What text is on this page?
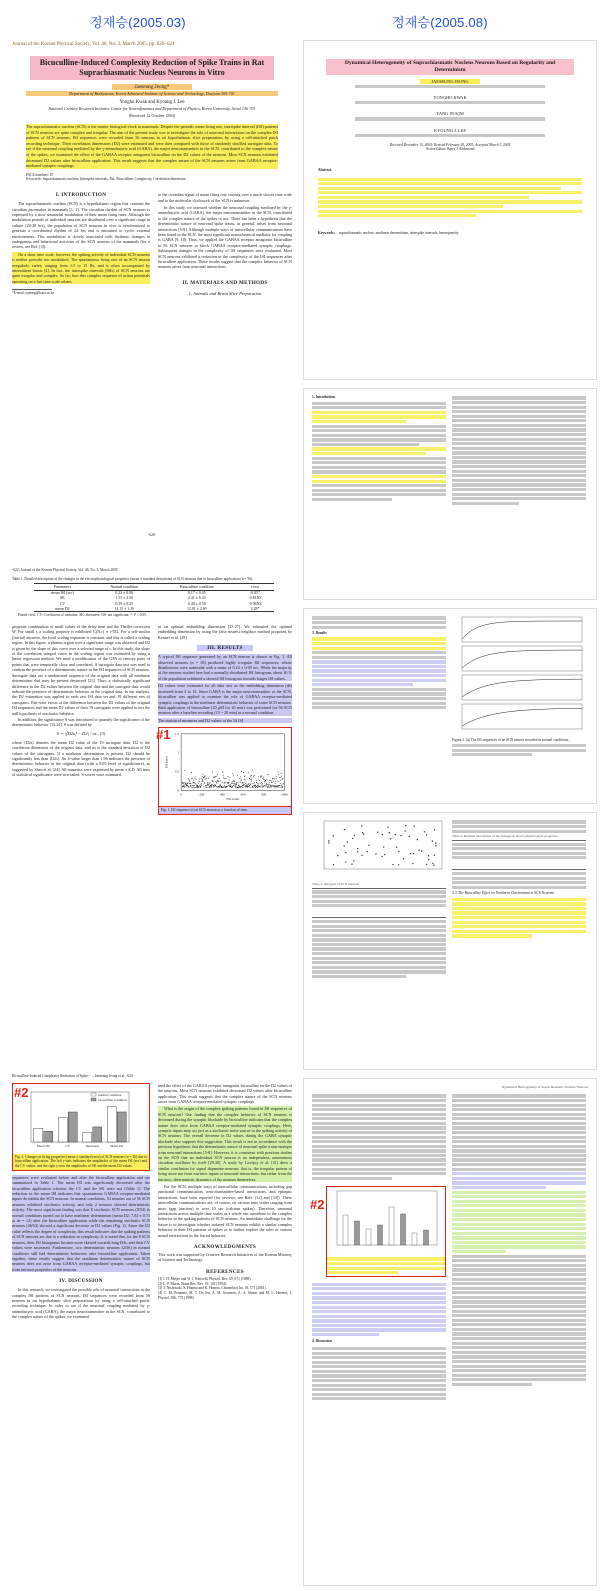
정재승(2005.03)	정재승(2005.08)
Journal of the Korean Physical Society, Vol. 46, No. 3, March 2005, pp. 620~624
Bicuculline-Induced Complexity Reduction of Spike Trains in Rat Suprachiasmatic Nucleus Neurons in Vitro
Jaeseung Jeong*
Department of BioSystems, Korea Advanced Institute of Science and Technology, Daejeon 305-701
Yongho Kwak and Kyoung J. Lee
National Creative Research Initiative Center for Neurodynamics and Department of Physics, Korea University, Seoul 136-701
(Received 12 October 2004)
The suprachiasmatic nucleus (SCN) is the master biological clock in mammals. Despite the periodic mean firing rate, interspike interval (ISI) patterns of SCN neurons are quite complex and irregular. The aim of the present study was to investigate the role of neuronal interactions on the complex ISI patterns of SCN neurons. ISI sequences were recorded from 56 neurons in rat hypothalamic slice preparations by using a cell-attached patch recording technique. Their correlation dimensions (D2) were estimated and were then compared with those of randomly shuffled surrogate data. To see if the neuronal coupling mediated by the γ-aminobutyric acid (GABA), the major neurotransmitter in the SCN, contributed to the complex nature of the spikes, we examined the effect of the GABAA receptor antagonist bicuculline on the D2 values of the neurons. Most SCN neurons exhibited decreased D2 values after bicuculline application. This result suggests that the complex nature of the SCN neurons arises from GABAA receptor-mediated synaptic couplings.
PACS numbers: 87
Keywords: Suprachiasmatic nucleus, Interspike intervals, Rat, Bicuculline, Complexity, Correlation dimension
I. INTRODUCTION
The suprachiasmatic nucleus (SCN) is a hypothalamic region that contains the circadian pacemaker in mammals [1, 2]. The circadian rhythm of SCN neurons is expressed by a slow sinusoidal modulation of their mean firing rates. Although the modulation periods of individual neurons are distributed over a significant range in culture (20-28 hrs), the population of SCN neurons in vivo is synchronized to generate a coordinated rhythm of 24 hrs and is entrained to cyclic external environments. This modulation is closely associated with rhythmic changes in endogenous and behavioral activities of the SCN neurons of the mammals (for a review, see Ref. [3]).
On a short time scale, however, the spiking activity of individual SCN neurons is neither periodic nor modulated. The spontaneous firing rate of an SCN neuron irregularly varies, ranging from 1.5 to 15 Hz, and is often accompanied by intermittent bursts [4]. In fact, the interspike intervals (ISIs) of SCN neurons are quite irregular and complex. So far, how this complex sequence of action potentials operating on a fast time scale relates
*E-mail: jsjeong@kaist.ac.kr
to the circadian signal of mean firing rate varying over a much slower time scale and to the molecular clockwork of the SCN is unknown.
In this study, we assessed whether the neuronal coupling mediated by the γ-aminobutyric acid (GABA), the major neurotransmitter in the SCN, contributed to the complex nature of the spikes or not. There has been a hypothesis that the deterministic nature of neuronal spike trains, in general, arises from neuronal interactions [5-8]. Although multiple ways of intercellular communications have been found in the SCN, the most significant neurochemical mediator for coupling is GABA [9, 10]. Thus, we applied the GABAA receptor antagonist bicuculline to 56 SCN neurons to block GABAA receptor-mediated synaptic couplings. Subsequent changes in the complexity of ISI sequences were evaluated. Most SCN neurons exhibited a reduction in the complexity of the ISI sequences after bicuculline application. These results suggest that the complex behavior of SCN neurons arises from neuronal interactions.
II. MATERIALS AND METHODS
1. Animals and Brain Slice Preparation
-620-
-622- Journal of the Korean Physical Society, Vol. 46, No. 3, March 2005
Table 1. Detailed description of the changes in the electrophysiological properties (mean ± standard deviations) of SCN neurons due to bicuculline application (n = 56).
Parameters	Normal condition	Bicuculline condition	t-test
mean ISI (sec)	0.22 ± 0.06	0.17 ± 0.05	-0.85*
SK	1.53 ± 2.56	2.41 ± 6.43	-0.81NS
CV	0.39 ± 0.25	0.48 ± 0.50	-0.96NS
mean D2	14.15 ± 1.19	12.01 ± 2.69	2.28*
Paired t-test. CV: Coefficient of variation; SK: skewness; NS: not significant; *: P < 0.05.
propriate combination of small values of the delay time and the Theiler correction W. For small r, a scaling property is exhibited: C(N,r) ∝ r^D2. For a self-similar (fractal) attractor, the local scaling exponent is constant, and this is called a scaling region. In this figure, a plateau region over a significant range was observed and D2 is given by the slope of this curve over a selected range of r. In this study, the slope of the correlation integral curve in the scaling region was estimated by using a linear regression method. We used a modification of the GPA to remove pairs of points that were temporally close and correlated. A surrogate data test was used to confirm the presence of a deterministic nature in the ISI sequences of SCN neurons. Surrogate data are a randomized sequence of the original data with all nonlinear determinism that may be present destroyed [23]. Thus, a statistically significant difference in the D2 values between the original data and the surrogate data would indicate the presence of deterministic behavior in the original data. In our analysis, the D2 estimation was applied to each raw ISI data set and 19 different sets of surrogates. Pair-wise t-tests of the difference between the D2 values of the original ISI sequences and the mean D2 values of their 19 surrogates were applied to test the null hypothesis of stochastic behavior.
In addition, the significance S was introduced to quantify the significance of the deterministic behavior [13,24]. S was defined by
S = |⟨D2s⟩ − D2| / σs , (3)
where ⟨D2s⟩ denotes the mean D2 value of the 19 surrogate data, D2 is the correlation dimension of the original data, and σs is the standard deviation of D2 values of the surrogates. If a nonlinear determinism is present, D2 should be significantly less than ⟨D2s⟩. An S-value larger than 1.96 indicates the presence of deterministic behavior in the original data (with a 0.05 level of significance), as suggested by Shen et al. [24]. All numerics were expressed by mean ± S.D. All tests of statistical significance were two-tailed. S-scores were estimated
at an optimal embedding dimension [25-27]. We estimated the optimal embedding dimension by using the false nearest neighbor method proposed by Kennel et al. [28].
III. RESULTS
A typical ISI sequence generated by an SCN neuron is shown in Fig. 1. All observed neurons (n = 56) produced highly irregular ISI sequences, whose distributions were unimodal with a mean of 0.24 ± 0.09 sec. While the majority of the neurons studied here had a normally distributed ISI histogram, about 30 % of the population exhibited a skewed ISI histogram towards longer ISI values.
D2 values were estimated for all data sets as the embedding dimension (de) increased from 2 to 15. Since GABA is the major neurotransmitter of the SCN, bicuculline was applied to examine the role of GABAA receptor-mediated synaptic couplings in the nonlinear deterministic behavior of some SCN neurons. Bath application of bicuculline (20 μM for 20 min) was performed for 56 SCN neurons after a baseline recording (15 ~ 20 min) in a normal condition.
The statistical measures and D2 values of the 56 ISI
#1
0	200	400	600	800	1000
0
0.5
1
1.5
ISI event
ISI (sec)
Fig. 1. ISI sequence of an SCN neuron as a function of time.
Bicuculline-Induced Complexity Reduction of Spike··· – Jaeseung Jeong et al. -623-
#2
Mean ISI	CV	Skewness	Mean D2
normal condition
bicuculline condition
Fig. 2. Changes in firing properties (mean ± standard error) of SCN neurons (n = 56) due to bicuculline application. The left y-axis indicates the amplitudes of the mean ISI (sec) and the CV values, and the right y-axis the amplitudes of SK and the mean D2 values.
sequences were evaluated before and after the bicuculline application and are summarized in Table 1. The mean ISI was significantly decreased after the bicuculline application whereas the CV and the SK were not (Table 1). The reduction in the mean ISI indicates that spontaneous GABAA receptor-mediated inputs do inhibit the SCN neurons. In normal conditions, 54 neurons out of 56 SCN neurons exhibited stochastic activity, and only 2 neurons showed deterministic activity. The most significant finding was that 8 stochastic SCN neurons (8/54) in normal conditions turned out to have nonlinear determinism (mean D2: 7.02 ± 0.73 at de = 12) after the bicuculline application while the remaining stochastic SCN neurons (46/54) showed a significant decrease in D2 values (Fig. 2). Since the D2 value reflects the degree of complexity, this result indicates that the spiking patterns of SCN neurons are due to a reduction in complexity. It is noted that, for the 8 SCN neurons, their ISI histograms became more skewed towards long ISIs, and their CV values were increased. Furthermore, two deterministic neurons (2/56) in normal conditions still had deterministic behaviors after bicuculline application. Taken together, these results suggest that the nonlinear deterministic nature of SCN neurons does not arise from GABAA receptor-mediated synaptic couplings, but from intrinsic properties of the neurons.
IV. DISCUSSION
In this research, we investigated the possible role of neuronal interactions in the complex ISI patterns of SCN neurons. ISI sequences were recorded from 56 neurons in rat hypothalamic slice preparations by using a cell-attached patch-recording technique. In order to see if the neuronal coupling mediated by γ-aminobutyric acid (GABA), the major neurotransmitter in the SCN, contributed to the complex nature of the spikes, we examined
ined the effect of the GABAA receptor antagonist bicuculline on the D2 values of the neurons. Most SCN neurons exhibited decreased D2 values after bicuculline application. This result suggests that the complex nature of the SCN neurons arises from GABAA receptor-mediated synaptic couplings.
What is the origin of the complex spiking patterns found in ISI sequences of SCN neurons? Our finding that the complex behavior of SCN neurons is decreased during the synaptic blockade by bicuculline indicates that the complex nature does arise from GABAA receptor-mediated synaptic couplings. Here, synaptic inputs may act just as a stochastic noise source in the spiking activity of SCN neurons. The overall decrease in D2 values during the GABA synaptic blockade also supports this suggestion. This result is not in accordance with the previous hypothesis that the deterministic nature of neuronal spike trains emerges from neuronal interactions [5-8]. However, it is consistent with previous studies on the SCN that an individual SCN neuron is an independent, autonomous circadian oscillator by itself [29,30]. A study by Lovejoy et al. [31] drew a similar conclusion for signal dopamine neurons; that is, the irregular pattern of firing arose not from extrinsic inputs or neuronal interactions, but rather from the intrinsic, deterministic dynamics of the neurons themselves.
For the SCN, multiple ways of intercellular communications, including gap junctional communication, neurotransmitter-based interactions, and ephaptic interactions, have been reported (for reviews, see Refs. [32] and [33]). These intercellular communications are, of course, on various time scales ranging from msec (gap junction) to over 10 sec (calcium spikes). Therefore, neuronal interactions across multiple time scales as a whole can contribute to the complex behavior in the spiking patterns of SCN neurons. An immediate challenge for the future is to investigate whether isolated SCN neurons exhibit a similar complex behavior in their ISI patterns of spikes or to further explore the roles of various neural interactions in the fractal behavior.
ACKNOWLEDGMENTS
This work was supported by Creative Research Initiatives of the Korean Ministry of Science and Technology.
REFERENCES
[1] J. H. Meijer and W. J. Rietveld, Physiol. Rev. 69, 671 (1989).
[2] L. P. Morin, Brain Res. Rev. 19, 102 (1994).
[3] T. Nishiwaki, S. Honma and K. Honma, Chronobiol Int. 18, 571 (2001).
[4] C. M. Pennartz, M. T. De Jeu, A. M. Geurtsen, A. A. Sluiter and M. L. Hermes, J. Physiol. 506, 775 (1998).
Dynamical Heterogeneity of Suprachiasmatic Nucleus Neurons Based on Regularity and Determinism
JAESEUNG JEONG
YONGHO KWAK
YANG IN KIM
KYOUNG J. LEE
Received December 10, 2004; Revised February 20, 2005; Accepted March 3, 2005
Action Editor: Barry J. Richmond
Abstract.
Keywords: suprachiasmatic nucleus, nonlinear determinism, interspike intervals, heterogeneity
1. Introduction
3. Results
Figure 2. (a) The ISI sequences of an SCN neuron recorded in normal conditions...
Table 1. Subtypes of SCN neurons
Table 2. Detailed description of the changes in electrophysiological properties
3.3. The Bicuculline Effect on Nonlinear Determinism in SCN Neurons
Dynamical Heterogeneity of Suprachiasmatic Nucleus Neurons
#2
4. Discussion
